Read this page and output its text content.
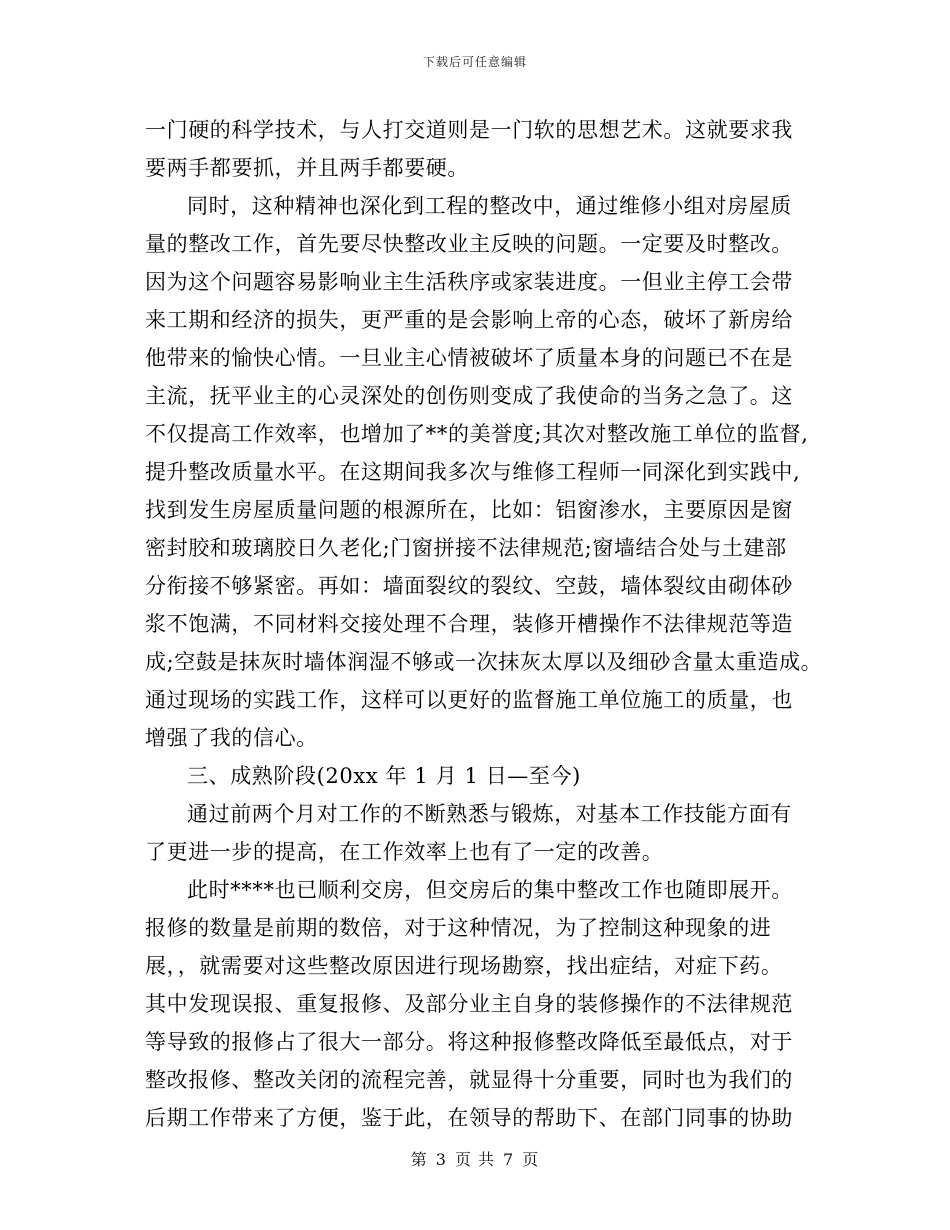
下载后可任意编辑
一门硬的科学技术，与人打交道则是一门软的思想艺术。这就要求我
要两手都要抓，并且两手都要硬。
同时，这种精神也深化到工程的整改中，通过维修小组对房屋质
量的整改工作，首先要尽快整改业主反映的问题。一定要及时整改。
因为这个问题容易影响业主生活秩序或家装进度。一但业主停工会带
来工期和经济的损失，更严重的是会影响上帝的心态，破坏了新房给
他带来的愉快心情。一旦业主心情被破坏了质量本身的问题已不在是
主流，抚平业主的心灵深处的创伤则变成了我使命的当务之急了。这
不仅提高工作效率，也增加了**的美誉度;其次对整改施工单位的监督,
提升整改质量水平。在这期间我多次与维修工程师一同深化到实践中,
找到发生房屋质量问题的根源所在，比如：铝窗渗水，主要原因是窗
密封胶和玻璃胶日久老化;门窗拼接不法律规范;窗墙结合处与土建部
分衔接不够紧密。再如：墙面裂纹的裂纹、空鼓，墙体裂纹由砌体砂
浆不饱满，不同材料交接处理不合理，装修开槽操作不法律规范等造
成;空鼓是抹灰时墙体润湿不够或一次抹灰太厚以及细砂含量太重造成。
通过现场的实践工作，这样可以更好的监督施工单位施工的质量，也
增强了我的信心。
三、成熟阶段(20xx 年 1 月 1 日—至今)
通过前两个月对工作的不断熟悉与锻炼，对基本工作技能方面有
了更进一步的提高，在工作效率上也有了一定的改善。
此时****也已顺利交房，但交房后的集中整改工作也随即展开。
报修的数量是前期的数倍，对于这种情况，为了控制这种现象的进
展，，就需要对这些整改原因进行现场勘察，找出症结，对症下药。
其中发现误报、重复报修、及部分业主自身的装修操作的不法律规范
等导致的报修占了很大一部分。将这种报修整改降低至最低点，对于
整改报修、整改关闭的流程完善，就显得十分重要，同时也为我们的
后期工作带来了方便，鉴于此，在领导的帮助下、在部门同事的协助
第 3 页 共 7 页
